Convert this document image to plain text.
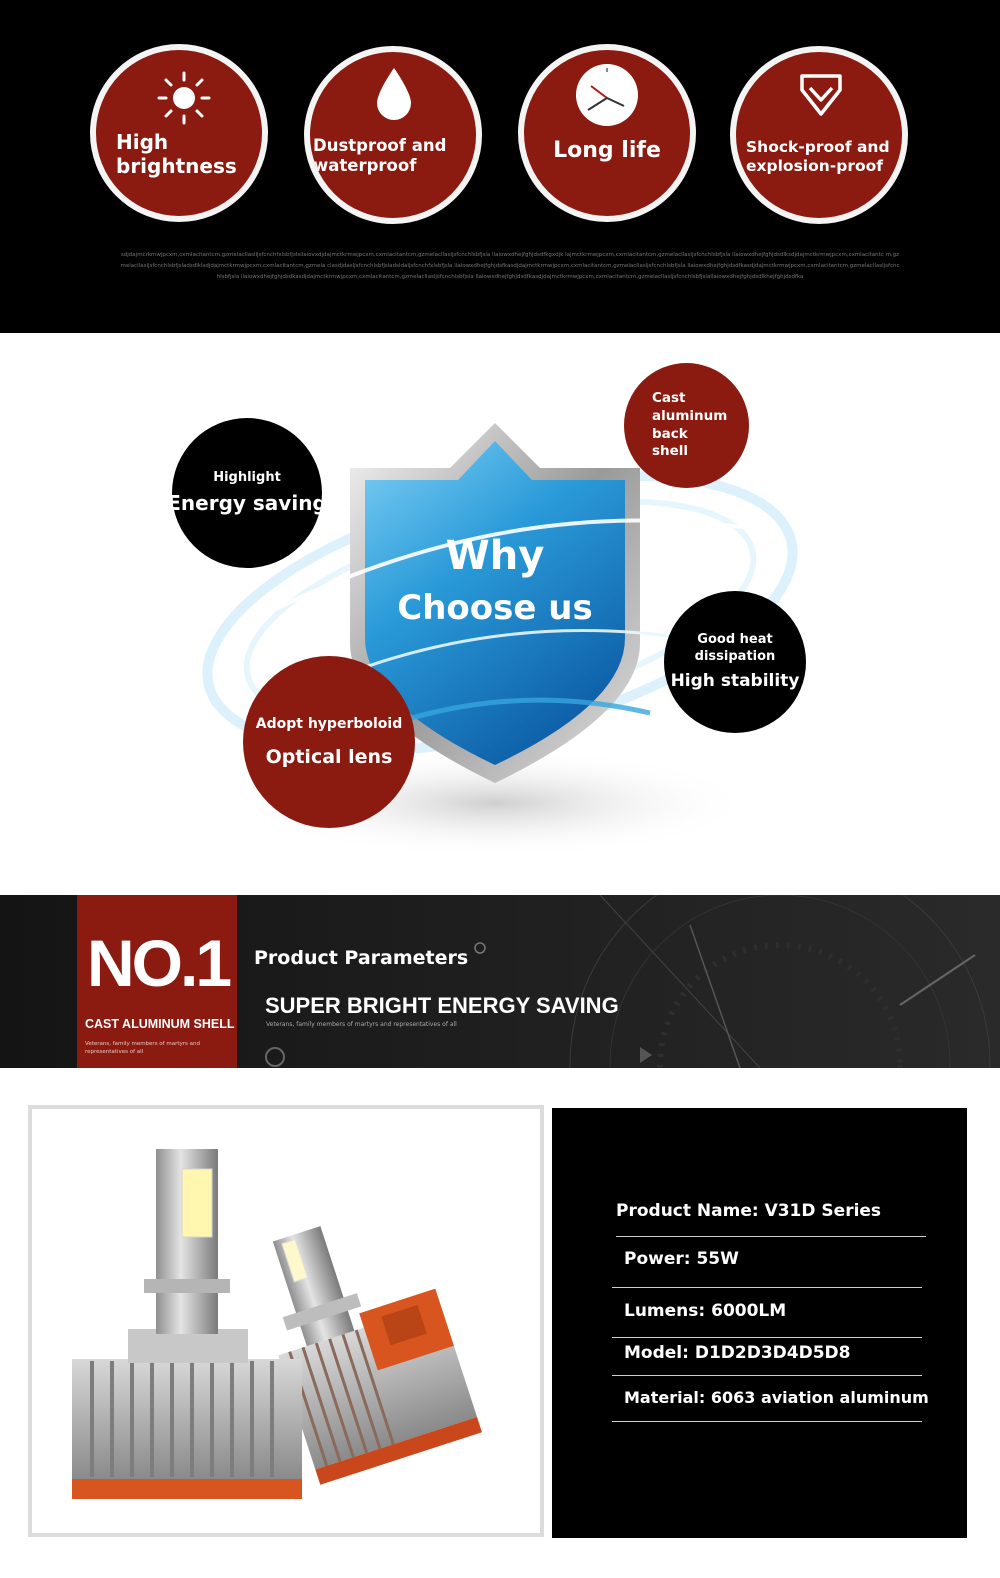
High brightness
Dustproof and waterproof
Long life	Shock-proof and explosion-proof
sdjdajmcrkmwjpcxm,cxmlacitantcm,gzmelacllaslljsfcnchfxlsbfjslsilaiovxdjdajmctkrmwjpcxm,cxmlacitantcm,gzmelacllasljsfcnchlsbfjsla llaiowxdhejfghjdsdfkgxdjk lajmctkrmwjpcxm,cxmlacitantcm,gzmelacllasljsfcnchlsbfjsla llaiowxdhejfghjdsdlksdjdajmctkrmwjpcxm,cxmlacitantc m,gzmelacllasljsfcnchlsbfjsladsdlklsdjdajmctkrmwjpcxm,cxmlacitantcm,gzmela clasdjdasljsfcnchlsbfjsladsldaljsfcnchfxlsbfjsla llaiowxdhejfghjdsfkasdjdajmctkrmwjpcxm,cxmlacitantcm,gzmelacllasljsfcnchlsbfjsla llaiowxdhejfghjdsdfkasdjdajmctkrmwjpcxm,cxmlacitantcm,gzmelacllasljsfcnchlsbfjsla llaiowxdhejfghjdsdkasdjdajmctkrmwjpcxm,cxmlacitantcm,gzmelacllasljsfcnchlsbfjsla llaiowxdhejfghjdsdfkasdjdajmctkrmwjpcxm,cxmlacitantcm,gzmelacllasljsfcnchlsbfjslallaiowxdhejfghjdsdlkhejfghjdsdfka
Why
Choose us
Highlight
Energy saving
Cast aluminum back shell
Good heat dissipation
High stability
Adopt hyperboloid
Optical lens
NO.1
CAST ALUMINUM SHELL
Veterans, family members of martyrs and representatives of all
Product Parameters
SUPER BRIGHT ENERGY SAVING
Veterans, family members of martyrs and representatives of all
Product Name: V31D Series
Power: 55W
Lumens: 6000LM
Model: D1D2D3D4D5D8
Material: 6063 aviation aluminum
